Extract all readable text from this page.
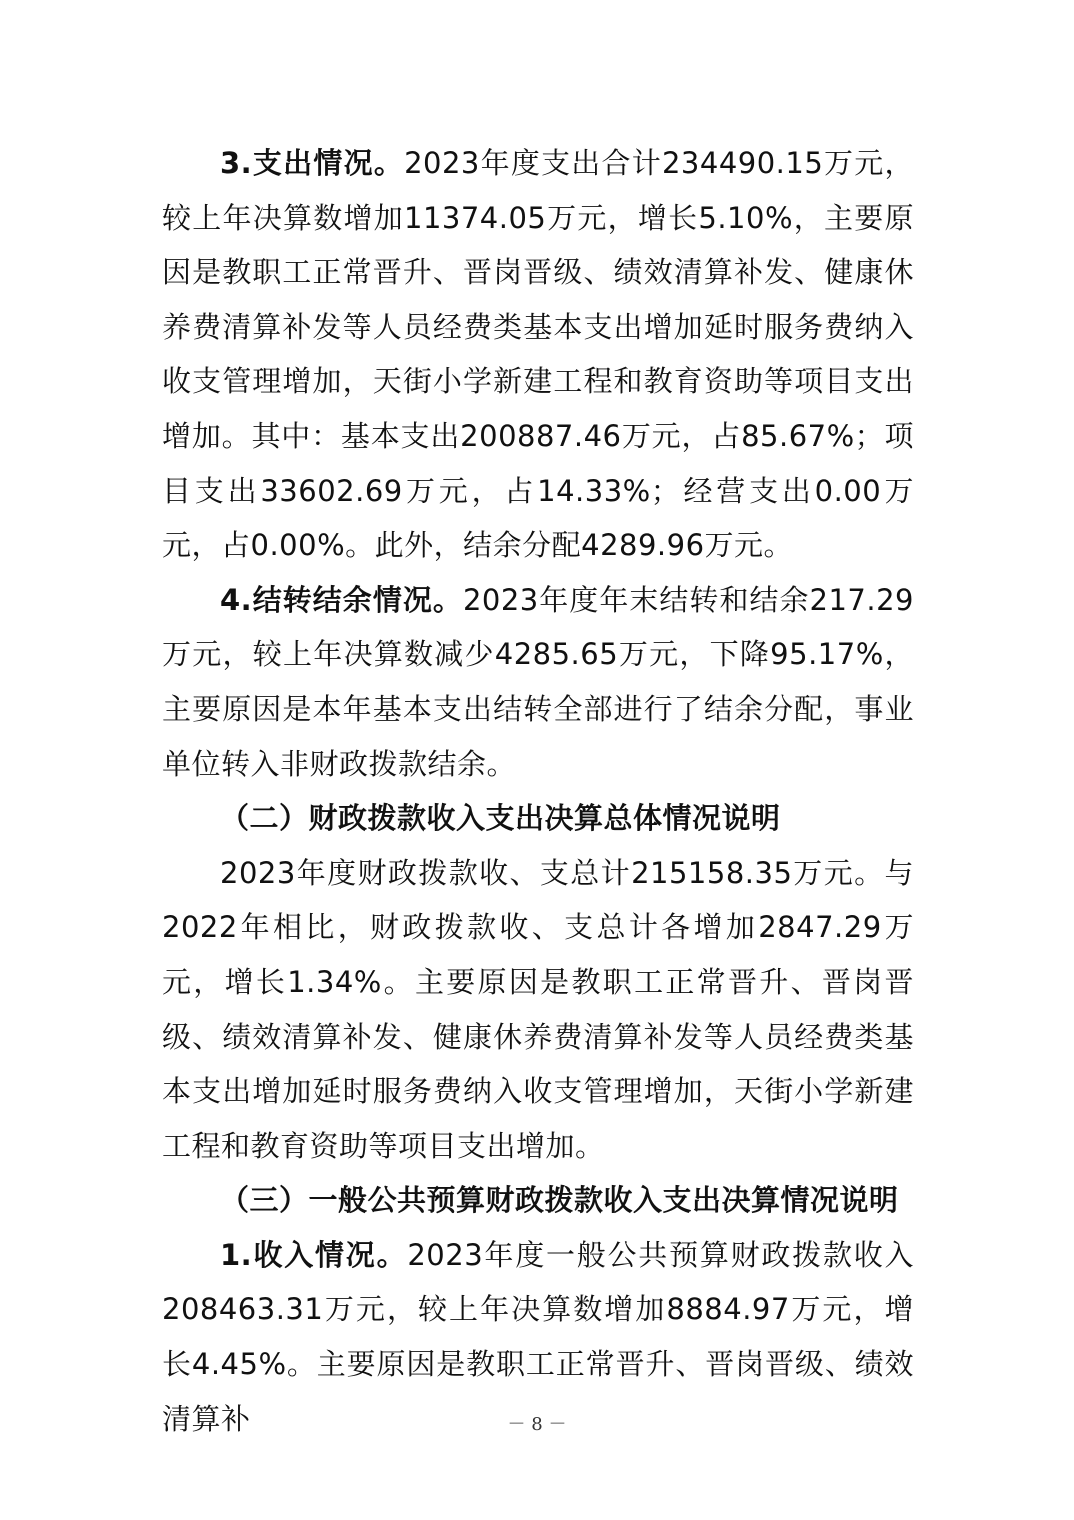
3.支出情况。2023年度支出合计234490.15万元，较上年决算数增加11374.05万元，增长5.10%，主要原因是教职工正常晋升、晋岗晋级、绩效清算补发、健康休养费清算补发等人员经费类基本支出增加延时服务费纳入收支管理增加，天街小学新建工程和教育资助等项目支出增加。其中：基本支出200887.46万元，占85.67%；项目支出33602.69万元，占14.33%；经营支出0.00万元，占0.00%。此外，结余分配4289.96万元。

4.结转结余情况。2023年度年末结转和结余217.29万元，较上年决算数减少4285.65万元，下降95.17%，主要原因是本年基本支出结转全部进行了结余分配，事业单位转入非财政拨款结余。

（二）财政拨款收入支出决算总体情况说明

2023年度财政拨款收、支总计215158.35万元。与2022年相比，财政拨款收、支总计各增加2847.29万元，增长1.34%。主要原因是教职工正常晋升、晋岗晋级、绩效清算补发、健康休养费清算补发等人员经费类基本支出增加延时服务费纳入收支管理增加，天街小学新建工程和教育资助等项目支出增加。

（三）一般公共预算财政拨款收入支出决算情况说明

1.收入情况。2023年度一般公共预算财政拨款收入208463.31万元，较上年决算数增加8884.97万元，增长4.45%。主要原因是教职工正常晋升、晋岗晋级、绩效清算补	－ 8 －
